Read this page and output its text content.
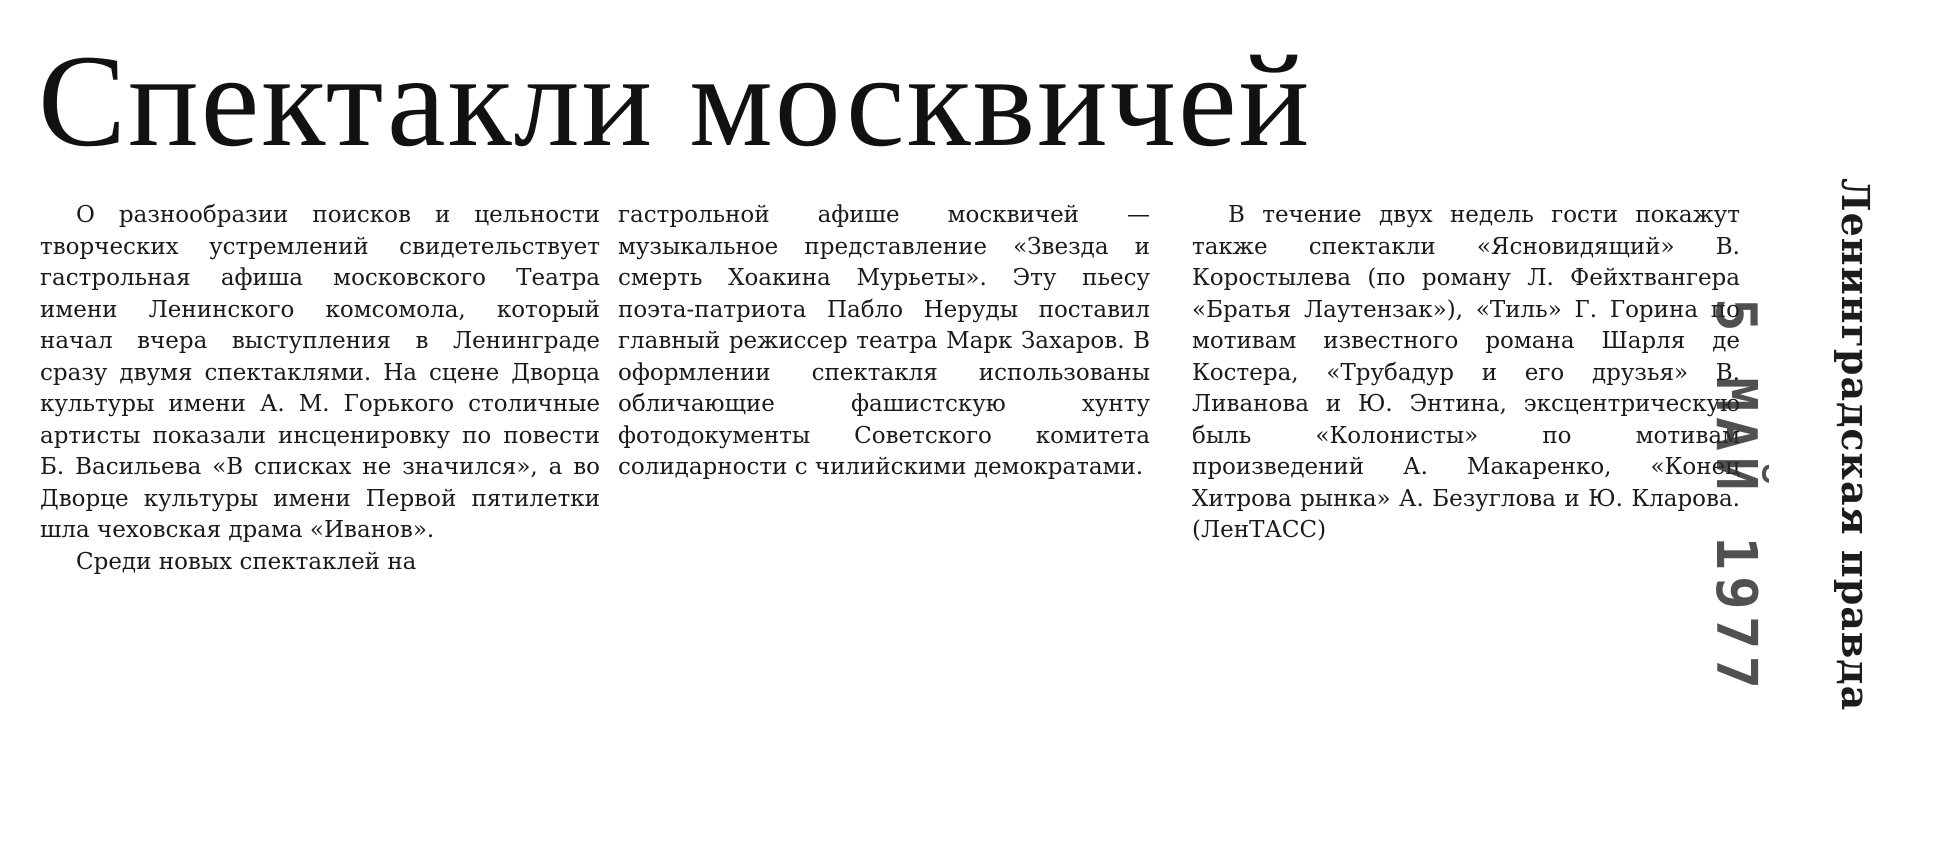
Спектакли москвичей

О разнообразии поисков и цельности творческих устремлений свидетельствует гастрольная афиша московского Театра имени Ленинского комсомола, который начал вчера выступления в Ленинграде сразу двумя спектаклями. На сцене Дворца культуры имени А. М. Горького столичные артисты показали инсценировку по повести Б. Васильева «В списках не значился», а во Дворце культуры имени Первой пятилетки шла чеховская драма «Иванов».

Среди новых спектаклей на

гастрольной афише москвичей — музыкальное представление «Звезда и смерть Хоакина Мурьеты». Эту пьесу поэта-патриота Пабло Неруды поставил главный режиссер театра Марк Захаров. В оформлении спектакля использованы обличающие фашистскую хунту фотодокументы Советского комитета солидарности с чилийскими демократами.

В течение двух недель гости покажут также спектакли «Ясновидящий» В. Коростылева (по роману Л. Фейхтвангера «Братья Лаутензак»), «Тиль» Г. Горина по мотивам известного романа Шарля де Костера, «Трубадур и его друзья» В. Ливанова и Ю. Энтина, эксцентрическую быль «Колонисты» по мотивам произведений А. Макаренко, «Конец Хитрова рынка» А. Безуглова и Ю. Кларова. (ЛенТАСС)	5 МАЙ 1977 Ленинградская правда
